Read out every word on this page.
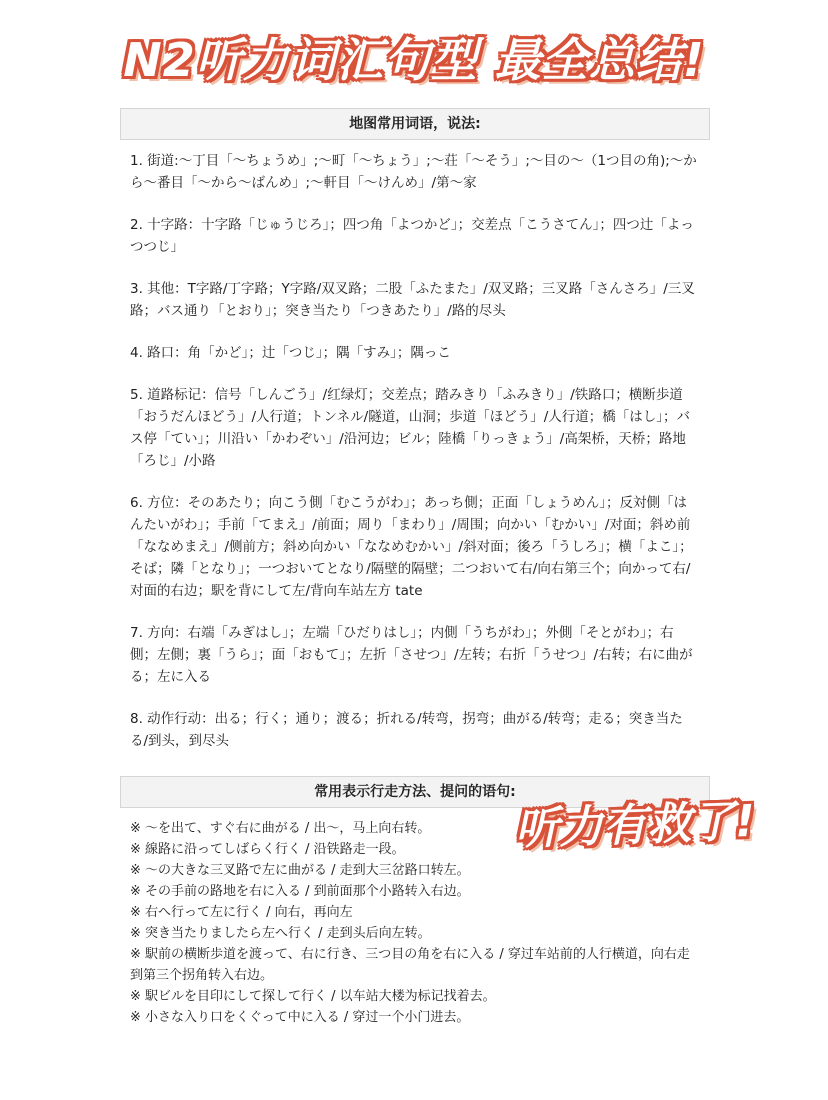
N2听力词汇句型 最全总结!
地图常用词语，说法:

1. 街道:～丁目「～ちょうめ」;～町「～ちょう」;～荘「～そう」;～目の～（1つ目の角);～から～番目「～から～ばんめ」;～軒目「～けんめ」/第～家

2. 十字路：十字路「じゅうじろ」；四つ角「よつかど」；交差点「こうさてん」；四つ辻「よっつつじ」

3. 其他：T字路/丁字路；Y字路/双叉路；二股「ふたまた」/双叉路；三叉路「さんさろ」/三叉路；バス通り「とおり」；突き当たり「つきあたり」/路的尽头

4. 路口：角「かど」；辻「つじ」；隅「すみ」；隅っこ

5. 道路标记：信号「しんごう」/红绿灯；交差点；踏みきり「ふみきり」/铁路口；横断歩道「おうだんほどう」/人行道；トンネル/隧道，山洞；歩道「ほどう」/人行道；橋「はし」；バス停「てい」；川沿い「かわぞい」/沿河边；ビル；陸橋「りっきょう」/高架桥，天桥；路地「ろじ」/小路

6. 方位：そのあたり；向こう側「むこうがわ」；あっち側；正面「しょうめん」；反対側「はんたいがわ」；手前「てまえ」/前面；周り「まわり」/周围；向かい「むかい」/对面；斜め前「ななめまえ」/侧前方；斜め向かい「ななめむかい」/斜对面；後ろ「うしろ」；横「よこ」；そば；隣「となり」；一つおいてとなり/隔壁的隔壁；二つおいて右/向右第三个；向かって右/对面的右边；駅を背にして左/背向车站左方 tate

7. 方向：右端「みぎはし」；左端「ひだりはし」；内側「うちがわ」；外側「そとがわ」；右側；左側；裏「うら」；面「おもて」；左折「させつ」/左转；右折「うせつ」/右转；右に曲がる；左に入る

8. 动作行动：出る；行く；通り；渡る；折れる/转弯，拐弯；曲がる/转弯；走る；突き当たる/到头，到尽头

常用表示行走方法、提问的语句:

※ ～を出て、すぐ右に曲がる / 出～，马上向右转。

※ 線路に沿ってしばらく行く / 沿铁路走一段。

※ ～の大きな三叉路で左に曲がる / 走到大三岔路口转左。

※ その手前の路地を右に入る / 到前面那个小路转入右边。

※ 右へ行って左に行く / 向右，再向左

※ 突き当たりましたら左へ行く / 走到头后向左转。

※ 駅前の横断歩道を渡って、右に行き、三つ目の角を右に入る / 穿过车站前的人行横道，向右走到第三个拐角转入右边。

※ 駅ビルを目印にして探して行く / 以车站大楼为标记找着去。

※ 小さな入り口をくぐって中に入る / 穿过一个小门进去。

听力有救了!
